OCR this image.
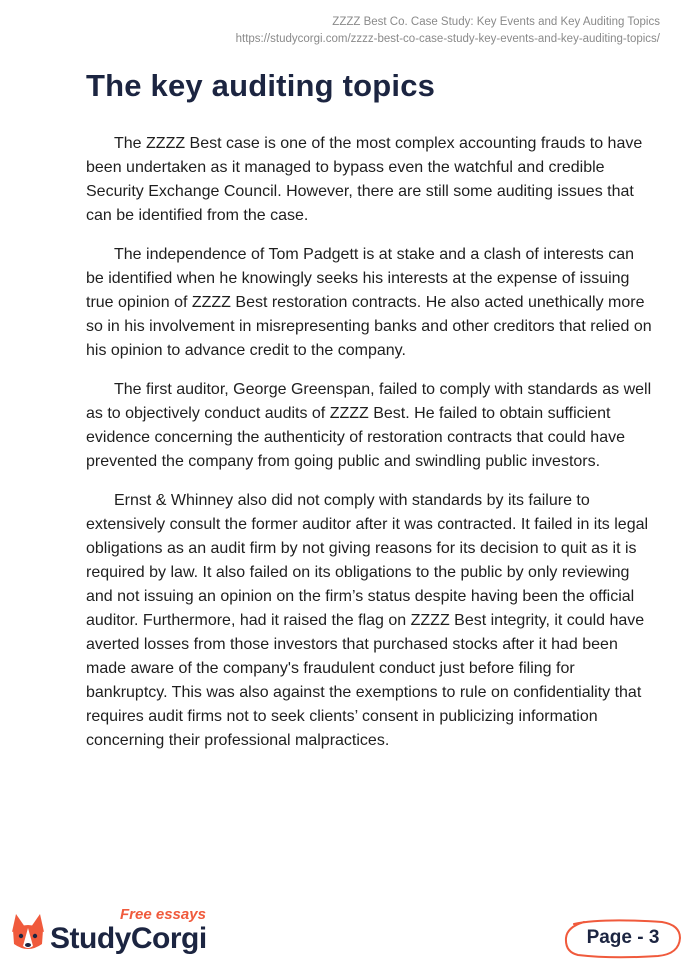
ZZZZ Best Co. Case Study: Key Events and Key Auditing Topics
https://studycorgi.com/zzzz-best-co-case-study-key-events-and-key-auditing-topics/
The key auditing topics

The ZZZZ Best case is one of the most complex accounting frauds to have been undertaken as it managed to bypass even the watchful and credible Security Exchange Council. However, there are still some auditing issues that can be identified from the case.

The independence of Tom Padgett is at stake and a clash of interests can be identified when he knowingly seeks his interests at the expense of issuing true opinion of ZZZZ Best restoration contracts. He also acted unethically more so in his involvement in misrepresenting banks and other creditors that relied on his opinion to advance credit to the company.

The first auditor, George Greenspan, failed to comply with standards as well as to objectively conduct audits of ZZZZ Best. He failed to obtain sufficient evidence concerning the authenticity of restoration contracts that could have prevented the company from going public and swindling public investors.

Ernst & Whinney also did not comply with standards by its failure to extensively consult the former auditor after it was contracted. It failed in its legal obligations as an audit firm by not giving reasons for its decision to quit as it is required by law. It also failed on its obligations to the public by only reviewing and not issuing an opinion on the firm’s status despite having been the official auditor. Furthermore, had it raised the flag on ZZZZ Best integrity, it could have averted losses from those investors that purchased stocks after it had been made aware of the company's fraudulent conduct just before filing for bankruptcy. This was also against the exemptions to rule on confidentiality that requires audit firms not to seek clients’ consent in publicizing information concerning their professional malpractices.

Free essays
StudyCorgi	Page - 3
